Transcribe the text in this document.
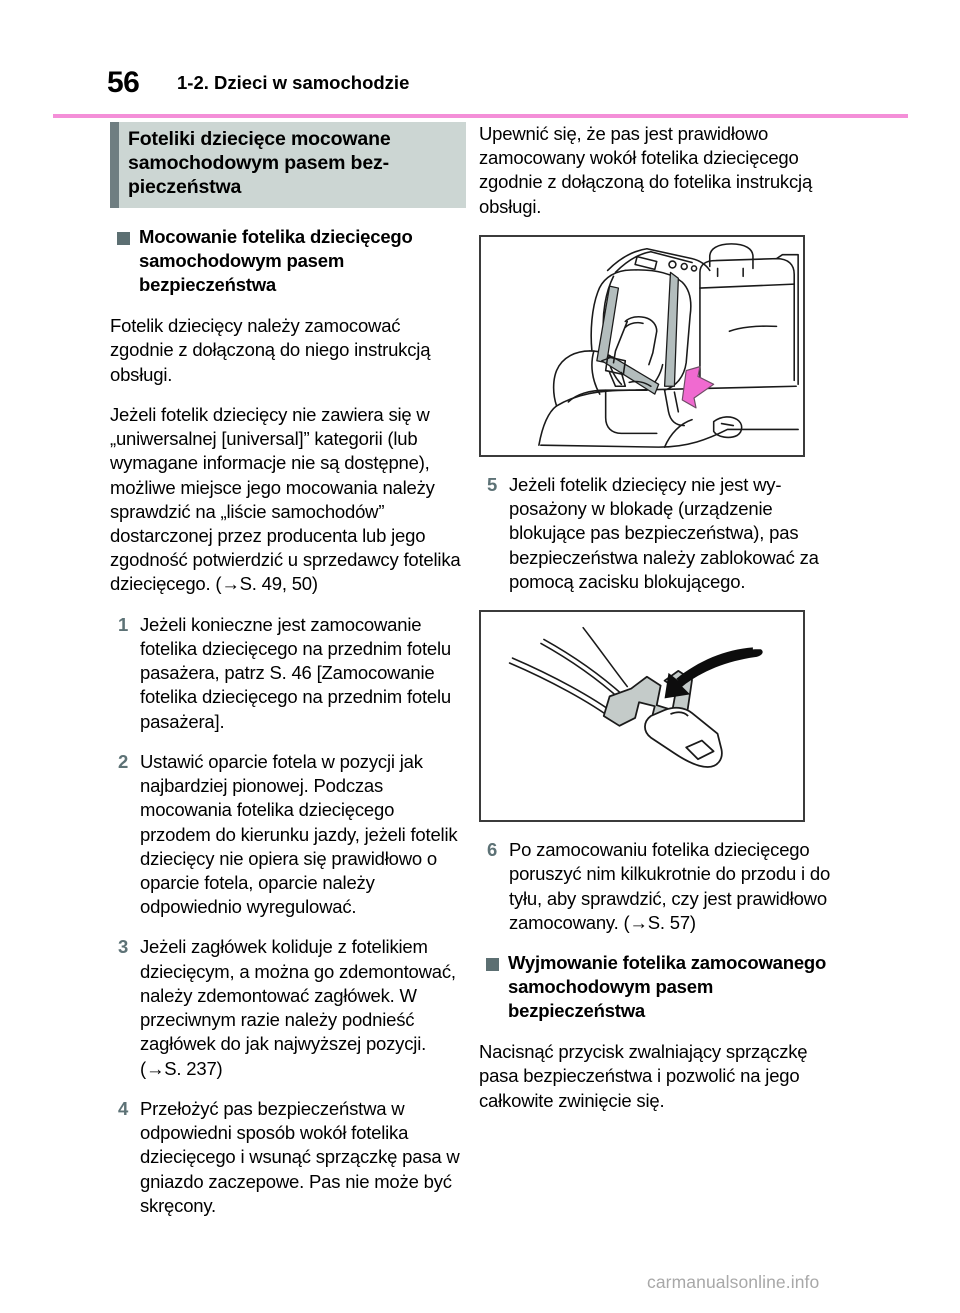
56 1-2. Dzieci w samochodzie
Foteliki dziecięce mocowane samochodowym pasem bezpieczeństwa
Mocowanie fotelika dziecięcego samochodowym pasem bezpieczeństwa

Fotelik dziecięcy należy zamocować zgodnie z dołączoną do niego instrukcją obsługi.

Jeżeli fotelik dziecięcy nie zawiera się w „uniwersalnej [universal]” kategorii (lub wymagane informacje nie są dostępne), możliwe miejsce jego mocowania należy sprawdzić na „liście samochodów” dostarczonej przez producenta lub jego zgodność potwierdzić u sprzedawcy fotelika dziecięcego. (→S. 49, 50)

1 Jeżeli konieczne jest zamocowanie fotelika dziecięcego na przednim fotelu pasażera, patrz S. 46 [Zamocowanie fotelika dziecięcego na przednim fotelu pasażera].
2 Ustawić oparcie fotela w pozycji jak najbardziej pionowej. Podczas mocowania fotelika dziecięcego przodem do kierunku jazdy, jeżeli fotelik dziecięcy nie opiera się prawidłowo o oparcie fotela, oparcie należy odpowiednio wyregulować.
3 Jeżeli zagłówek koliduje z fotelikiem dziecięcym, a można go zdemontować, należy zdemontować zagłówek. W przeciwnym razie należy podnieść zagłówek do jak najwyższej pozycji. (→S. 237)
4 Przełożyć pas bezpieczeństwa w odpowiedni sposób wokół fotelika dziecięcego i wsunąć sprzączkę pasa w gniazdo zaczepowe. Pas nie może być skręcony.

Upewnić się, że pas jest prawidłowo zamocowany wokół fotelika dziecięcego zgodnie z dołączoną do fotelika instrukcją obsługi.

5 Jeżeli fotelik dziecięcy nie jest wyposażony w blokadę (urządzenie blokujące pas bezpieczeństwa), pas bezpieczeństwa należy zablokować za pomocą zacisku blokującego.
6 Po zamocowaniu fotelika dziecięcego poruszyć nim kilkukrotnie do przodu i do tyłu, aby sprawdzić, czy jest prawidłowo zamocowany. (→S. 57)
Wyjmowanie fotelika zamocowanego samochodowym pasem bezpieczeństwa

Nacisnąć przycisk zwalniający sprzączkę pasa bezpieczeństwa i pozwolić na jego całkowite zwinięcie się.

carmanualsonline.info
